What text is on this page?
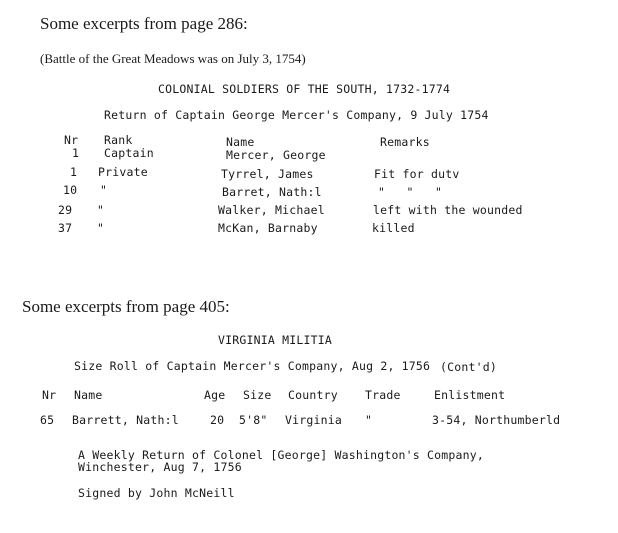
Some excerpts from page 286:
(Battle of the Great Meadows was on July 3, 1754)
COLONIAL SOLDIERS OF THE SOUTH, 1732-1774
Return of Captain George Mercer's Company, 9 July 1754
Nr Rank	Name	Remarks
1 Captain	Mercer, George
1 Private	Tyrrel, James	Fit for dutv
10 "	Barret, Nath:l	"   "   "
29 "	Walker, Michael	left with the wounded
37 "	McKan, Barnaby	killed
Some excerpts from page 405:
VIRGINIA MILITIA
Size Roll of Captain Mercer's Company, Aug 2, 1756 (Cont'd)
Nr Name	Age Size Country Trade	Enlistment
65 Barrett, Nath:l	20 5'8" Virginia "	3-54, Northumberld
A Weekly Return of Colonel [George] Washington's Company,
Winchester, Aug 7, 1756
Signed by John McNeill
